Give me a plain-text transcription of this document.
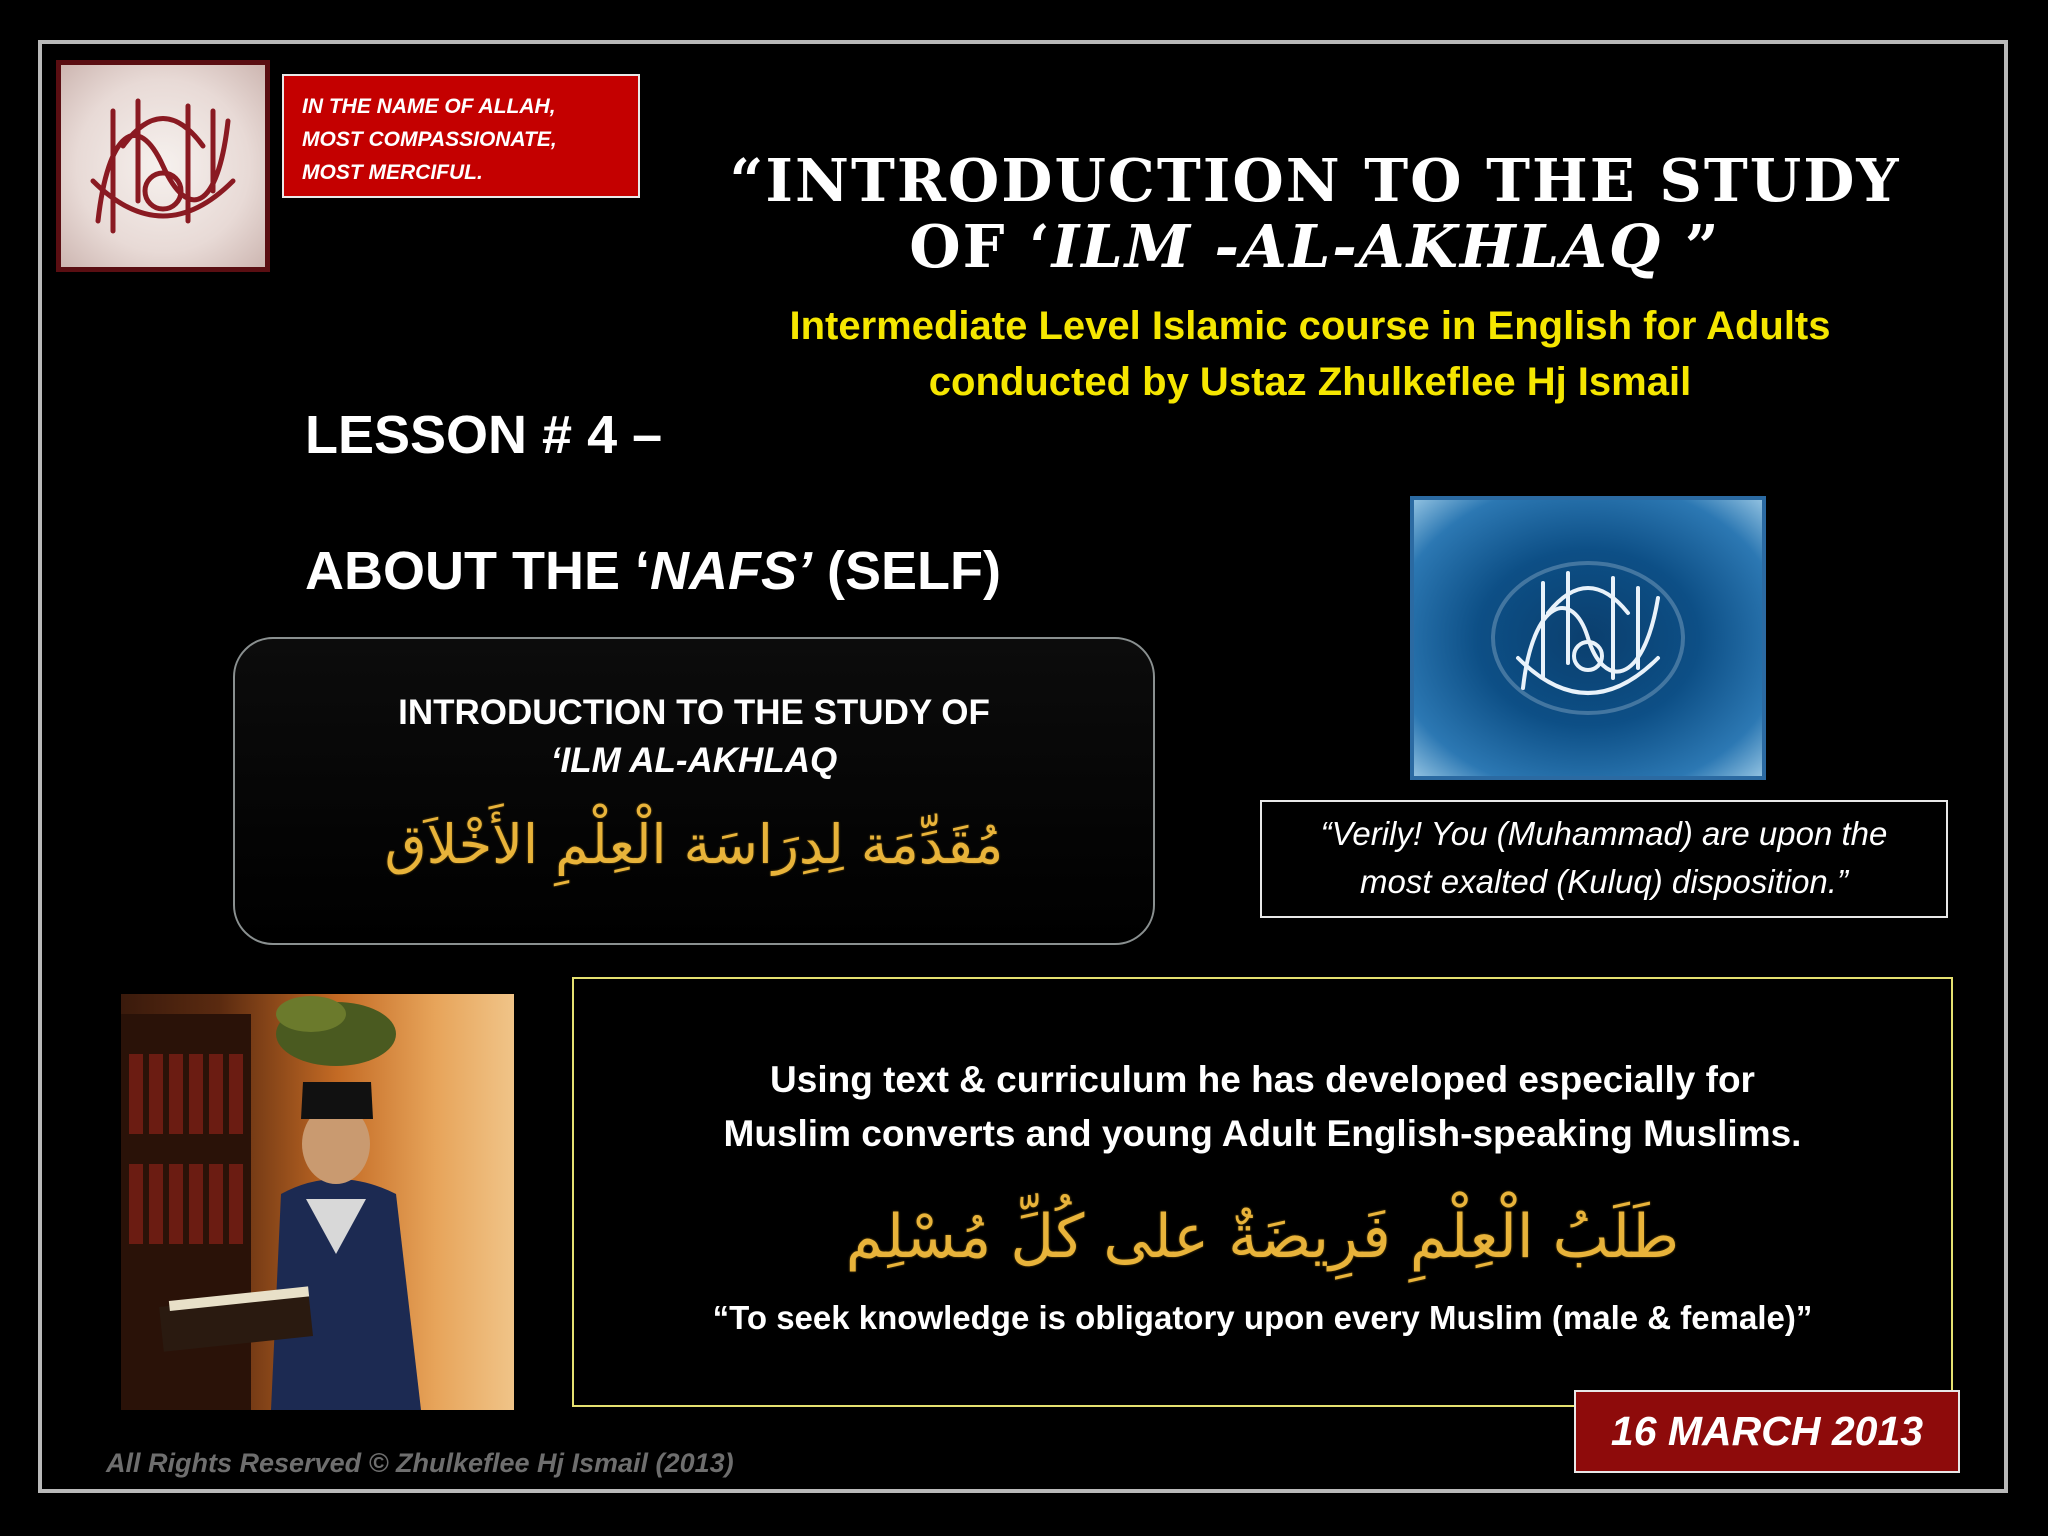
IN THE NAME OF ALLAH,
MOST COMPASSIONATE,
MOST MERCIFUL.	“INTRODUCTION TO THE STUDY
OF ‘ILM -AL-AKHLAQ ”
Intermediate Level Islamic course in English for Adults
conducted by Ustaz Zhulkeflee Hj Ismail
LESSON # 4 –
ABOUT THE ‘NAFS’ (SELF)
INTRODUCTION TO THE STUDY OF
‘ILM AL-AKHLAQ
مُقَدِّمَة لِدِرَاسَة الْعِلْمِ الأَخْلاَق	“Verily! You (Muhammad) are upon the
most exalted (Kuluq) disposition.”
Using text & curriculum he has developed especially for
Muslim converts and young Adult English-speaking Muslims.
طَلَبُ الْعِلْمِ فَرِيضَةٌ على كُلِّ مُسْلِم
“To seek knowledge is obligatory upon every Muslim (male & female)”
16 MARCH 2013
All Rights Reserved © Zhulkeflee Hj Ismail (2013)
